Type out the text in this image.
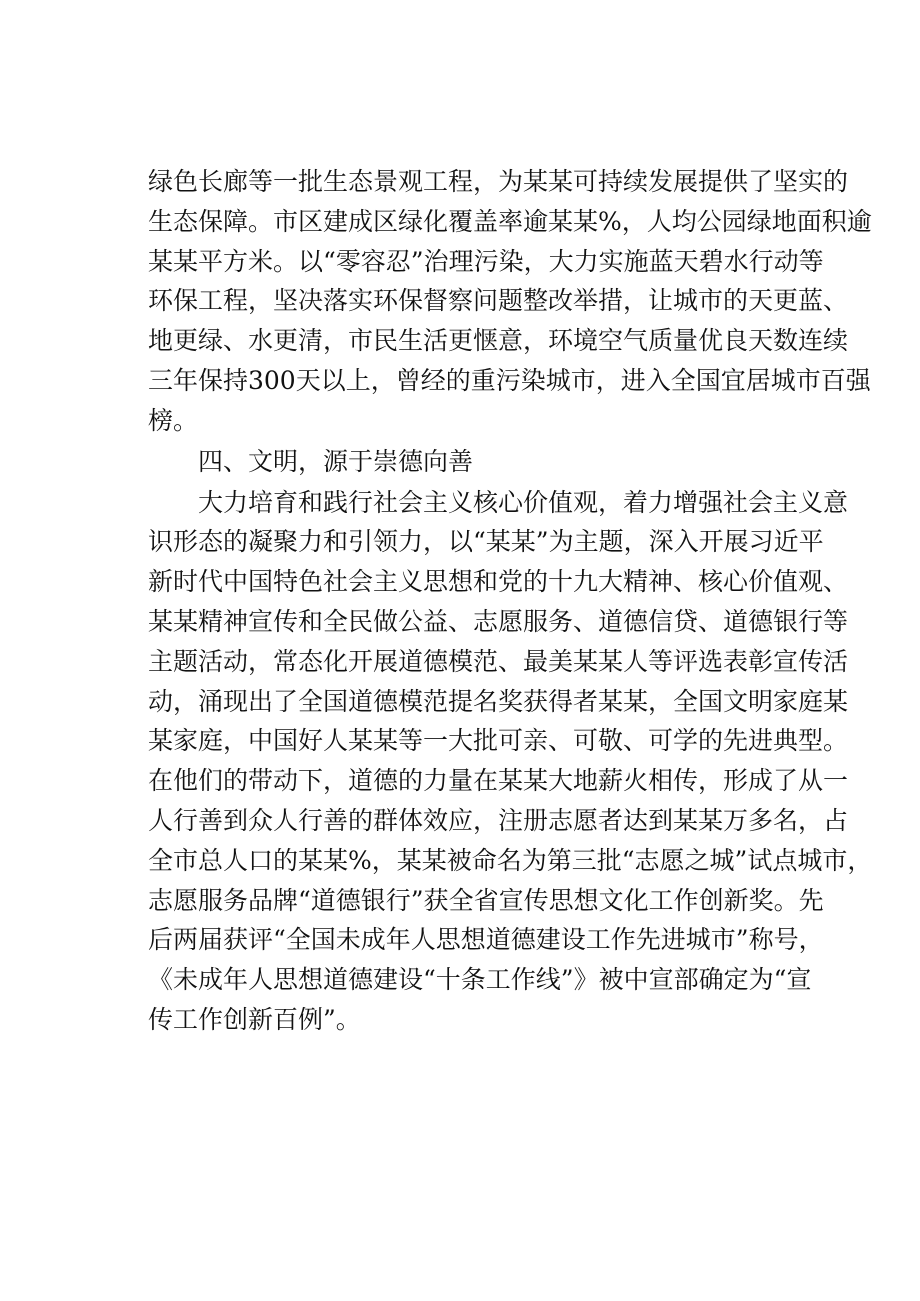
绿色长廊等一批生态景观工程，为某某可持续发展提供了坚实的
生态保障。市区建成区绿化覆盖率逾某某%，人均公园绿地面积逾
某某平方米。以“零容忍”治理污染，大力实施蓝天碧水行动等
环保工程，坚决落实环保督察问题整改举措，让城市的天更蓝、
地更绿、水更清，市民生活更惬意，环境空气质量优良天数连续
三年保持300天以上，曾经的重污染城市，进入全国宜居城市百强
榜。
四、文明，源于崇德向善
大力培育和践行社会主义核心价值观，着力增强社会主义意
识形态的凝聚力和引领力，以“某某”为主题，深入开展习近平
新时代中国特色社会主义思想和党的十九大精神、核心价值观、
某某精神宣传和全民做公益、志愿服务、道德信贷、道德银行等
主题活动，常态化开展道德模范、最美某某人等评选表彰宣传活
动，涌现出了全国道德模范提名奖获得者某某，全国文明家庭某
某家庭，中国好人某某等一大批可亲、可敬、可学的先进典型。
在他们的带动下，道德的力量在某某大地薪火相传，形成了从一
人行善到众人行善的群体效应，注册志愿者达到某某万多名，占
全市总人口的某某%，某某被命名为第三批“志愿之城”试点城市，
志愿服务品牌“道德银行”获全省宣传思想文化工作创新奖。先
后两届获评“全国未成年人思想道德建设工作先进城市”称号，
《未成年人思想道德建设“十条工作线”》被中宣部确定为“宣
传工作创新百例”。
